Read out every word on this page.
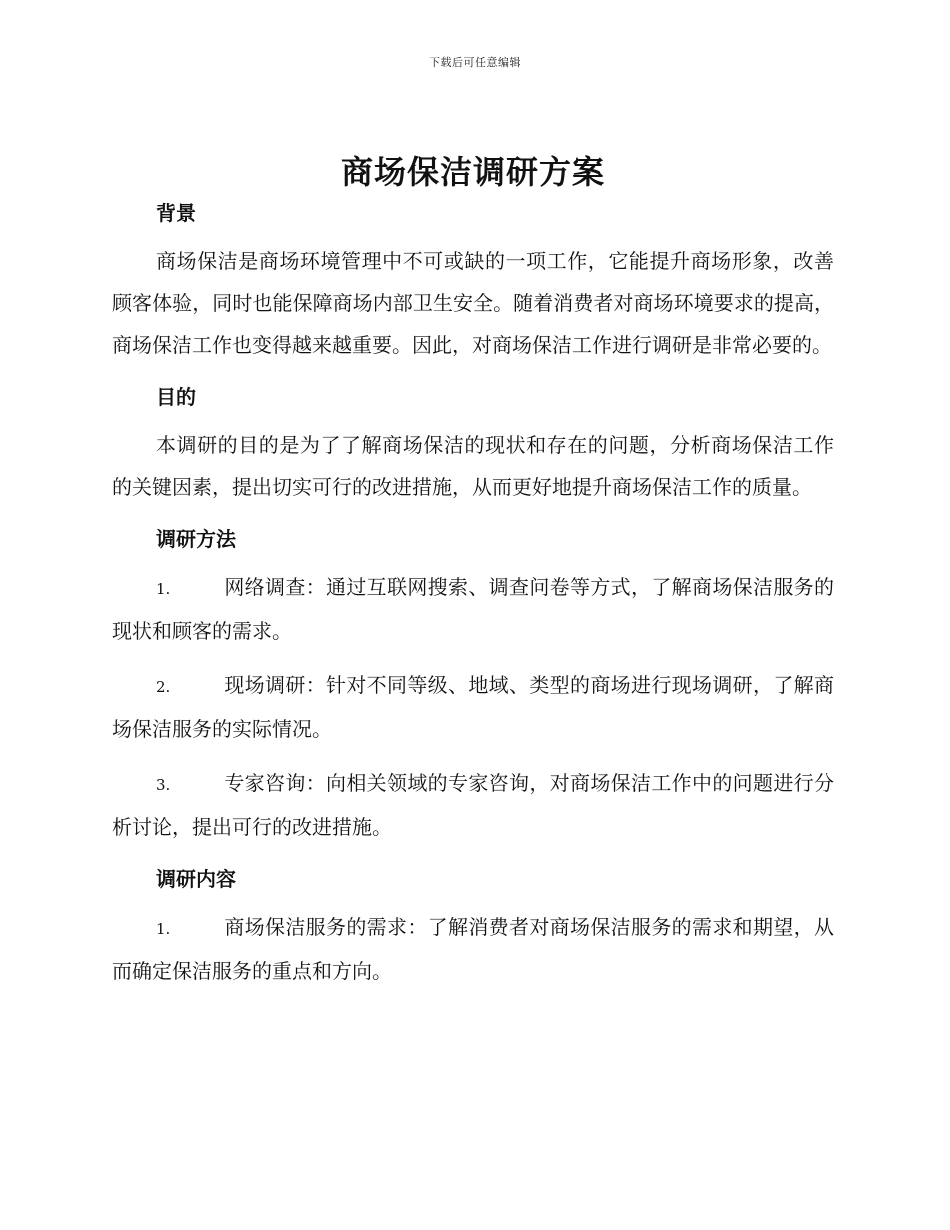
下载后可任意编辑
商场保洁调研方案
背景

商场保洁是商场环境管理中不可或缺的一项工作，它能提升商场形象，改善顾客体验，同时也能保障商场内部卫生安全。随着消费者对商场环境要求的提高，商场保洁工作也变得越来越重要。因此，对商场保洁工作进行调研是非常必要的。

目的

本调研的目的是为了了解商场保洁的现状和存在的问题，分析商场保洁工作的关键因素，提出切实可行的改进措施，从而更好地提升商场保洁工作的质量。

调研方法

1.	网络调查：通过互联网搜索、调查问卷等方式，了解商场保洁服务的现状和顾客的需求。

2.	现场调研：针对不同等级、地域、类型的商场进行现场调研，了解商场保洁服务的实际情况。

3.	专家咨询：向相关领域的专家咨询，对商场保洁工作中的问题进行分析讨论，提出可行的改进措施。

调研内容

1.	商场保洁服务的需求：了解消费者对商场保洁服务的需求和期望，从而确定保洁服务的重点和方向。
